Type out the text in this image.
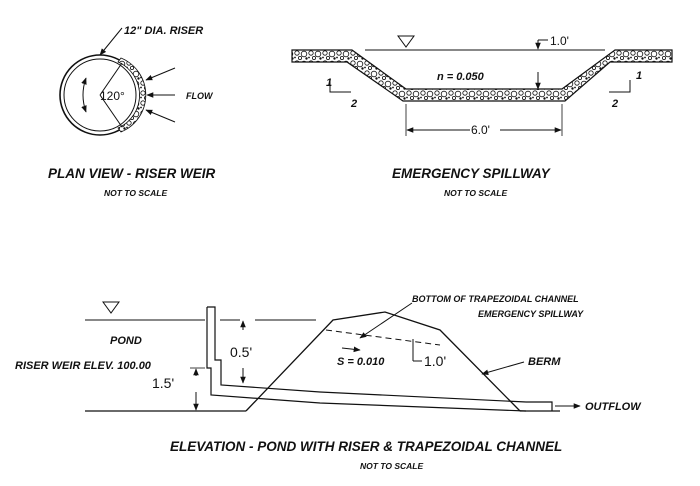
120°
12" DIA. RISER
FLOW
PLAN VIEW - RISER WEIR
NOT TO SCALE
1.0'
n = 0.050
1
2
1
2
6.0'
EMERGENCY SPILLWAY
NOT TO SCALE
OUTFLOW
0.5'
1.5'
POND
RISER WEIR ELEV. 100.00	S = 0.010	1.0'
BOTTOM OF TRAPEZOIDAL CHANNEL
EMERGENCY SPILLWAY
BERM
ELEVATION - POND WITH RISER & TRAPEZOIDAL CHANNEL
NOT TO SCALE
